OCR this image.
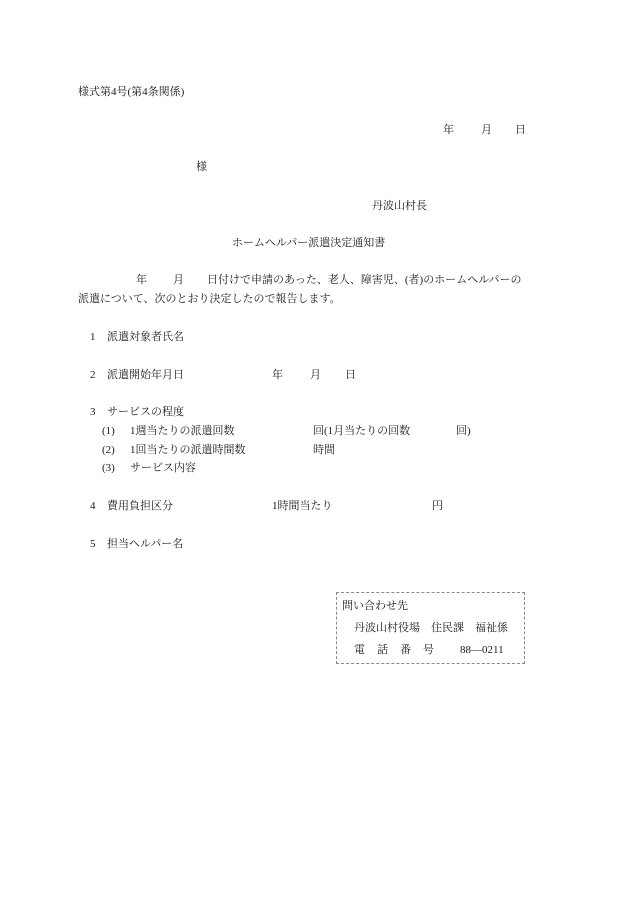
様式第4号(第4条関係)
年 月 日
様
丹波山村長
ホームヘルパー派遣決定通知書
年 月 日付けで申請のあった、老人、障害児、(者)のホームヘルパーの
派遣について、次のとおり決定したので報告します。
1 派遣対象者氏名
2 派遣開始年月日	年 月 日
3 サービスの程度
(1) 1週当たりの派遣回数	回(1月当たりの回数	回)
(2) 1回当たりの派遣時間数	時間
(3) サービス内容
4 費用負担区分	1時間当たり	円
5 担当ヘルパー名
問い合わせ先
丹波山村役場　住民課　福祉係
電　話　番　号 88―0211
